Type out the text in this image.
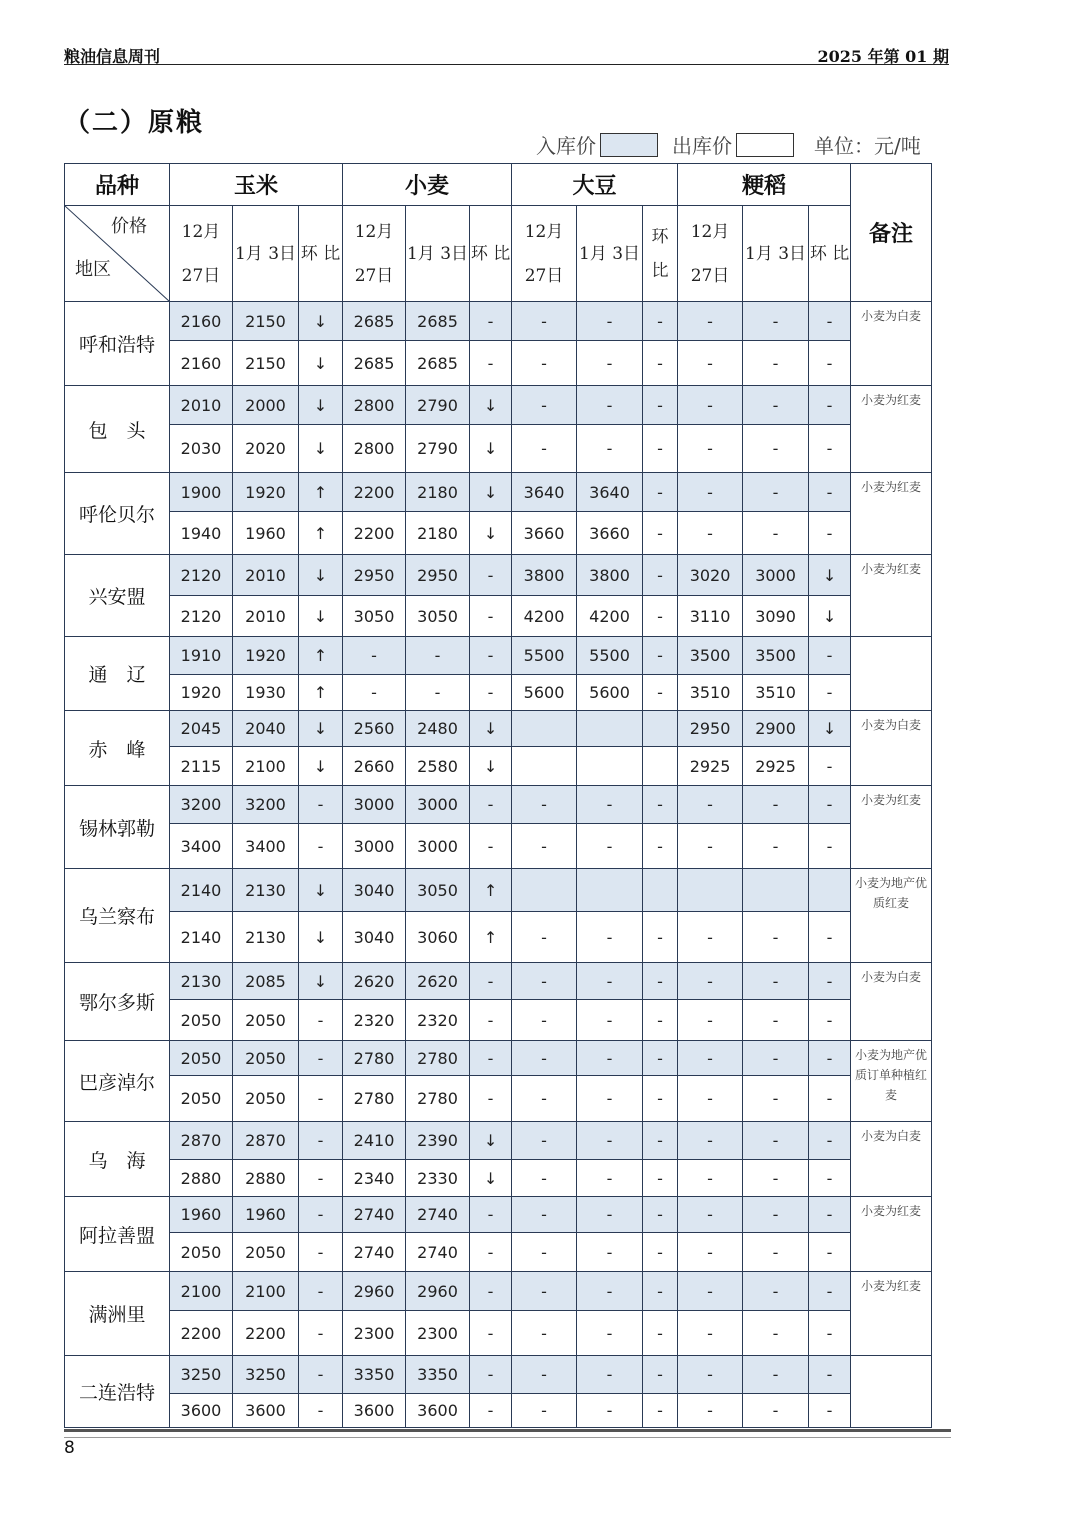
粮油信息周刊	2025 年第 01 期
（二）原粮
入库价	出库价	单位：元/吨
品种	玉米			小麦			大豆			粳稻			备注

价格
地区	12月 27日	1月 3日	环 比	12月 27日	1月 3日	环 比	12月 27日	1月 3日	环 比	12月 27日	1月 3日	环 比	
呼和浩特	2160	2150	↓	2685	2685	-	-	-	-	-	-	-	小麦为白麦
	2160	2150	↓	2685	2685	-	-	-	-	-	-	-	
包　头	2010	2000	↓	2800	2790	↓	-	-	-	-	-	-	小麦为红麦
	2030	2020	↓	2800	2790	↓	-	-	-	-	-	-	
呼伦贝尔	1900	1920	↑	2200	2180	↓	3640	3640	-	-	-	-	小麦为红麦
	1940	1960	↑	2200	2180	↓	3660	3660	-	-	-	-	
兴安盟	2120	2010	↓	2950	2950	-	3800	3800	-	3020	3000	↓	小麦为红麦
	2120	2010	↓	3050	3050	-	4200	4200	-	3110	3090	↓	
通　辽	1910	1920	↑	-	-	-	5500	5500	-	3500	3500	-	
	1920	1930	↑	-	-	-	5600	5600	-	3510	3510	-	
赤　峰	2045	2040	↓	2560	2480	↓				2950	2900	↓	小麦为白麦
	2115	2100	↓	2660	2580	↓				2925	2925	-	
锡林郭勒	3200	3200	-	3000	3000	-	-	-	-	-	-	-	小麦为红麦
	3400	3400	-	3000	3000	-	-	-	-	-	-	-	
乌兰察布	2140	2130	↓	3040	3050	↑							小麦为地产优质红麦
	2140	2130	↓	3040	3060	↑	-	-	-	-	-	-	
鄂尔多斯	2130	2085	↓	2620	2620	-	-	-	-	-	-	-	小麦为白麦
	2050	2050	-	2320	2320	-	-	-	-	-	-	-	
巴彦淖尔	2050	2050	-	2780	2780	-	-	-	-	-	-	-	小麦为地产优质订单种植红麦
	2050	2050	-	2780	2780	-	-	-	-	-	-	-	
乌　海	2870	2870	-	2410	2390	↓	-	-	-	-	-	-	小麦为白麦
	2880	2880	-	2340	2330	↓	-	-	-	-	-	-	
阿拉善盟	1960	1960	-	2740	2740	-	-	-	-	-	-	-	小麦为红麦
	2050	2050	-	2740	2740	-	-	-	-	-	-	-	
满洲里	2100	2100	-	2960	2960	-	-	-	-	-	-	-	小麦为红麦
	2200	2200	-	2300	2300	-	-	-	-	-	-	-	
二连浩特	3250	3250	-	3350	3350	-	-	-	-	-	-	-	
	3600	3600	-	3600	3600	-	-	-	-	-	-	-	
8
